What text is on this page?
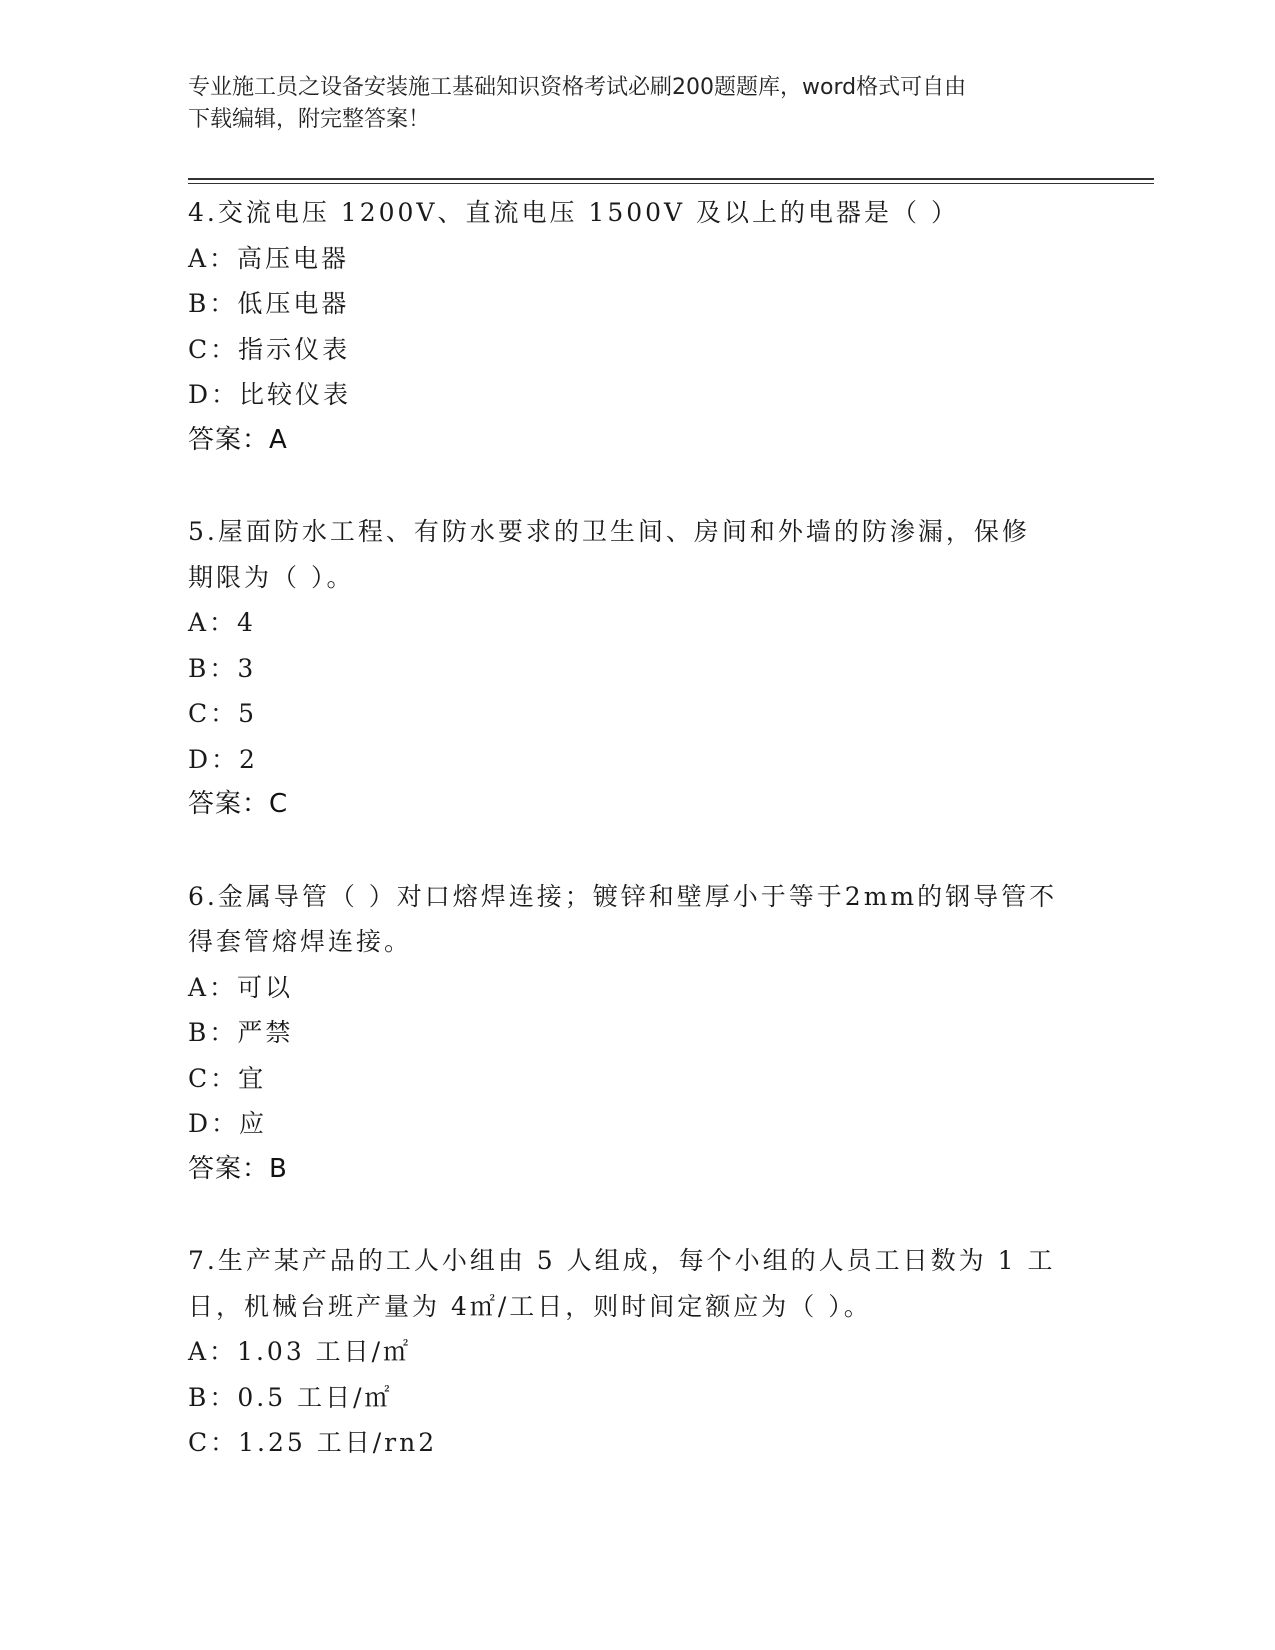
专业施工员之设备安装施工基础知识资格考试必刷200题题库，word格式可自由
下载编辑，附完整答案！
4.交流电压 1200V、直流电压 1500V 及以上的电器是（ ）
A：高压电器
B：低压电器
C：指示仪表
D：比较仪表
答案：A
5.屋面防水工程、有防水要求的卫生间、房间和外墙的防渗漏，保修
期限为（ ）。
A：4
B：3
C：5
D：2
答案：C
6.金属导管（ ）对口熔焊连接；镀锌和壁厚小于等于2mm的钢导管不
得套管熔焊连接。
A：可以
B：严禁
C：宜
D：应
答案：B
7.生产某产品的工人小组由 5 人组成，每个小组的人员工日数为 1 工
日，机械台班产量为 4㎡/工日，则时间定额应为（ ）。
A：1.03 工日/㎡
B：0.5 工日/㎡
C：1.25 工日/rn2
